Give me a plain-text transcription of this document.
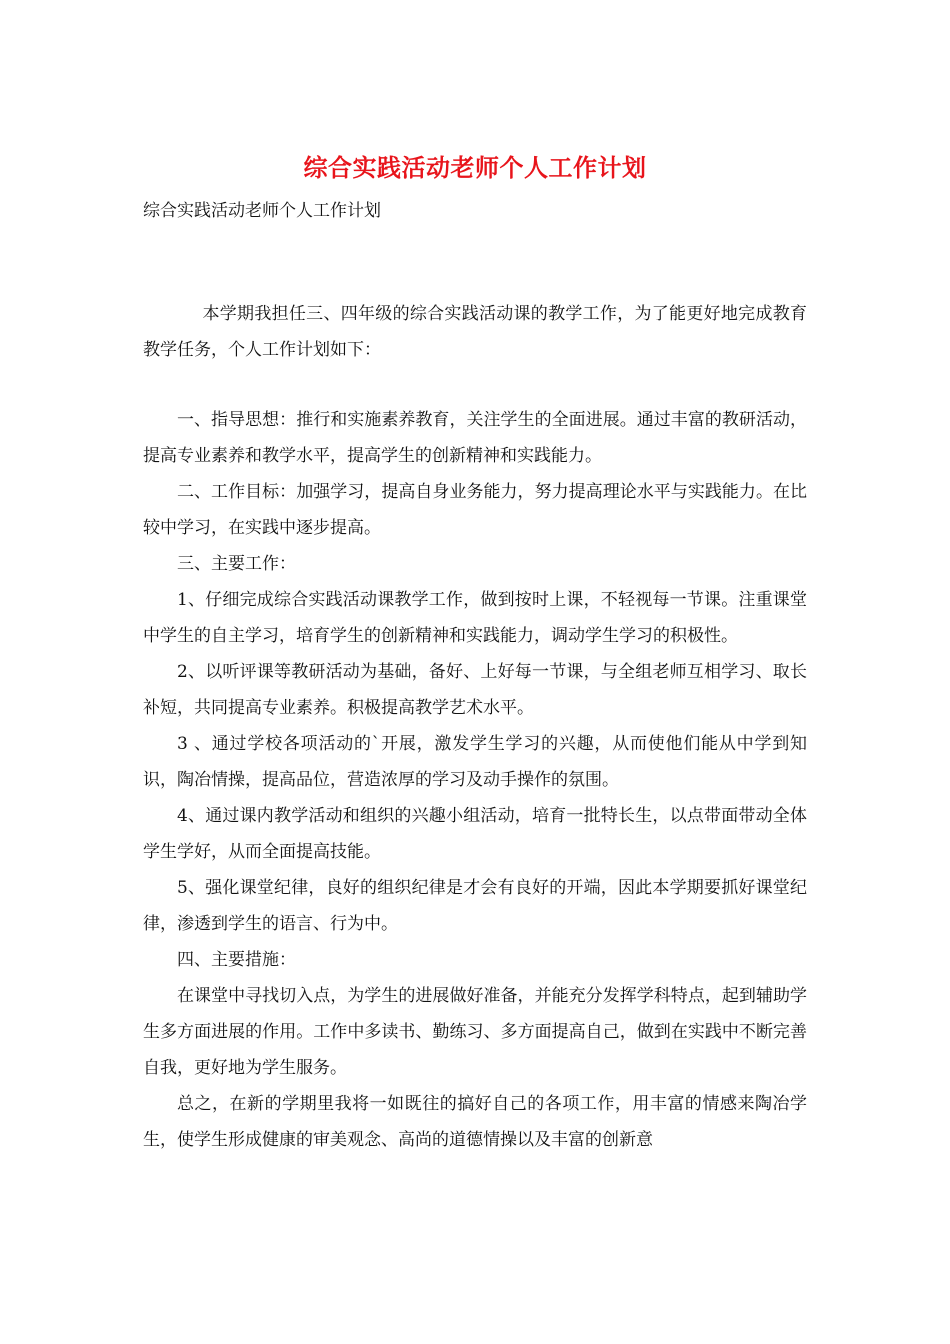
综合实践活动老师个人工作计划
综合实践活动老师个人工作计划

本学期我担任三、四年级的综合实践活动课的教学工作，为了能更好地完成教育教学任务，个人工作计划如下：

一、指导思想：推行和实施素养教育，关注学生的全面进展。通过丰富的教研活动，提高专业素养和教学水平，提高学生的创新精神和实践能力。

二、工作目标：加强学习，提高自身业务能力，努力提高理论水平与实践能力。在比较中学习，在实践中逐步提高。

三、主要工作：

1、仔细完成综合实践活动课教学工作，做到按时上课，不轻视每一节课。注重课堂中学生的自主学习，培育学生的创新精神和实践能力，调动学生学习的积极性。

2、以听评课等教研活动为基础，备好、上好每一节课，与全组老师互相学习、取长补短，共同提高专业素养。积极提高教学艺术水平。

3 、通过学校各项活动的`开展，激发学生学习的兴趣，从而使他们能从中学到知识，陶冶情操，提高品位，营造浓厚的学习及动手操作的氛围。

4、通过课内教学活动和组织的兴趣小组活动，培育一批特长生，以点带面带动全体学生学好，从而全面提高技能。

5、强化课堂纪律，良好的组织纪律是才会有良好的开端，因此本学期要抓好课堂纪律，渗透到学生的语言、行为中。

四、主要措施：

在课堂中寻找切入点，为学生的进展做好准备，并能充分发挥学科特点，起到辅助学生多方面进展的作用。工作中多读书、勤练习、多方面提高自己，做到在实践中不断完善自我，更好地为学生服务。

总之，在新的学期里我将一如既往的搞好自己的各项工作，用丰富的情感来陶冶学生，使学生形成健康的审美观念、高尚的道德情操以及丰富的创新意
